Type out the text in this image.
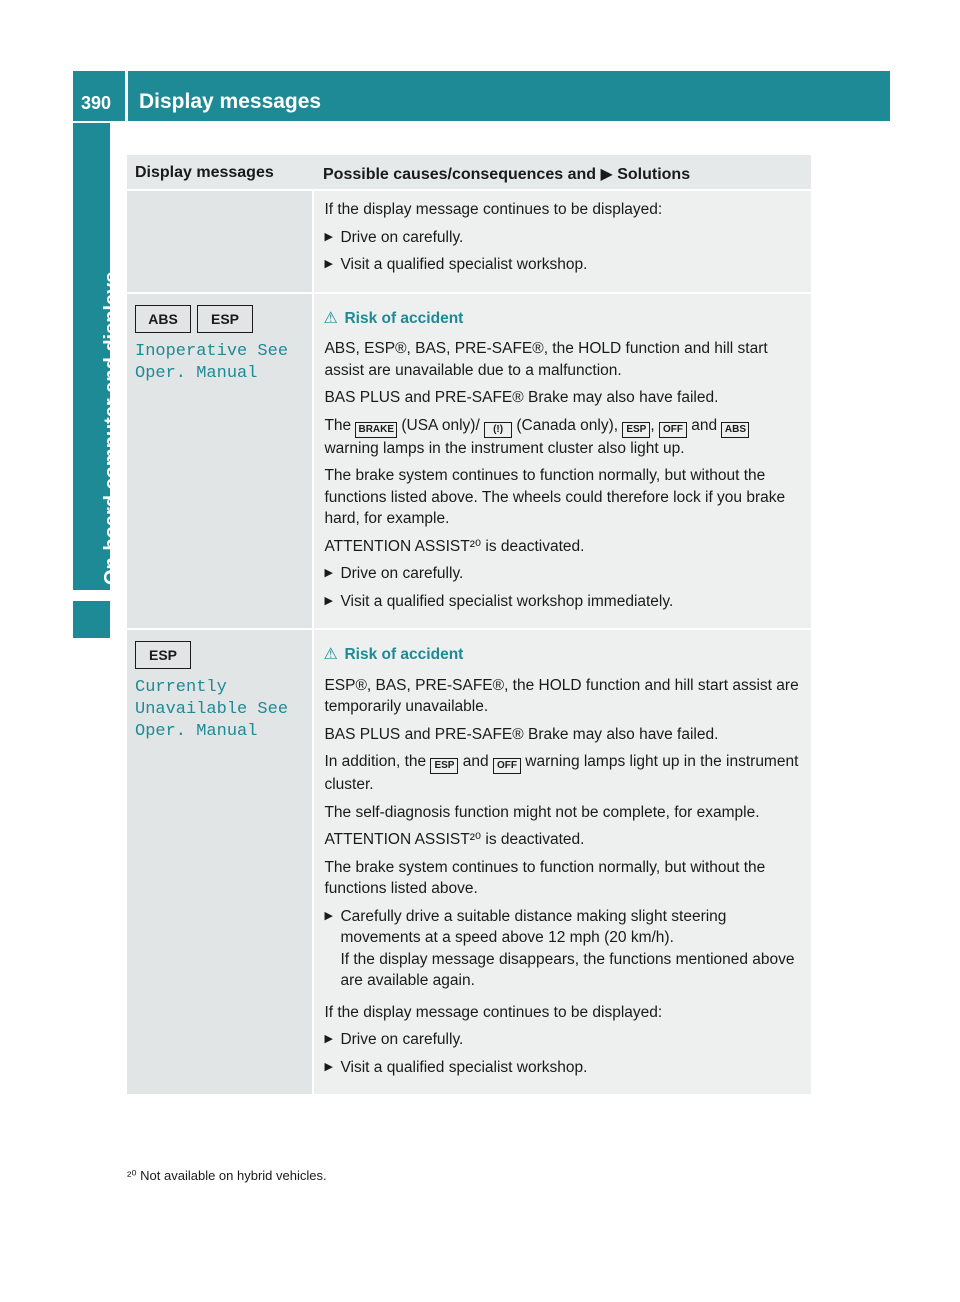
390 Display messages
On-board computer and displays
Display messages	Possible causes/consequences and ▶ Solutions

If the display message continues to be displayed:

▶ Drive on carefully.
▶ Visit a qualified specialist workshop.
ABS ESP
Inoperative See Oper. Manual
⚠ Risk of accident

ABS, ESP®, BAS, PRE-SAFE®, the HOLD function and hill start assist are unavailable due to a malfunction.

BAS PLUS and PRE-SAFE® Brake may also have failed.

The BRAKE (USA only)/ (!) (Canada only), ESP , OFF and ABS warning lamps in the instrument cluster also light up.

The brake system continues to function normally, but without the functions listed above. The wheels could therefore lock if you brake hard, for example.

ATTENTION ASSIST²⁰ is deactivated.

▶ Drive on carefully.
▶ Visit a qualified specialist workshop immediately.
ESP
Currently Unavailable See Oper. Manual
⚠ Risk of accident

ESP®, BAS, PRE-SAFE®, the HOLD function and hill start assist are temporarily unavailable.

BAS PLUS and PRE-SAFE® Brake may also have failed.

In addition, the ESP and OFF warning lamps light up in the instrument cluster.

The self-diagnosis function might not be complete, for example.

ATTENTION ASSIST²⁰ is deactivated.

The brake system continues to function normally, but without the functions listed above.

▶ Carefully drive a suitable distance making slight steering movements at a speed above 12 mph (20 km/h).
If the display message disappears, the functions mentioned above are available again.

If the display message continues to be displayed:

▶ Drive on carefully.
▶ Visit a qualified specialist workshop.
²⁰ Not available on hybrid vehicles.
